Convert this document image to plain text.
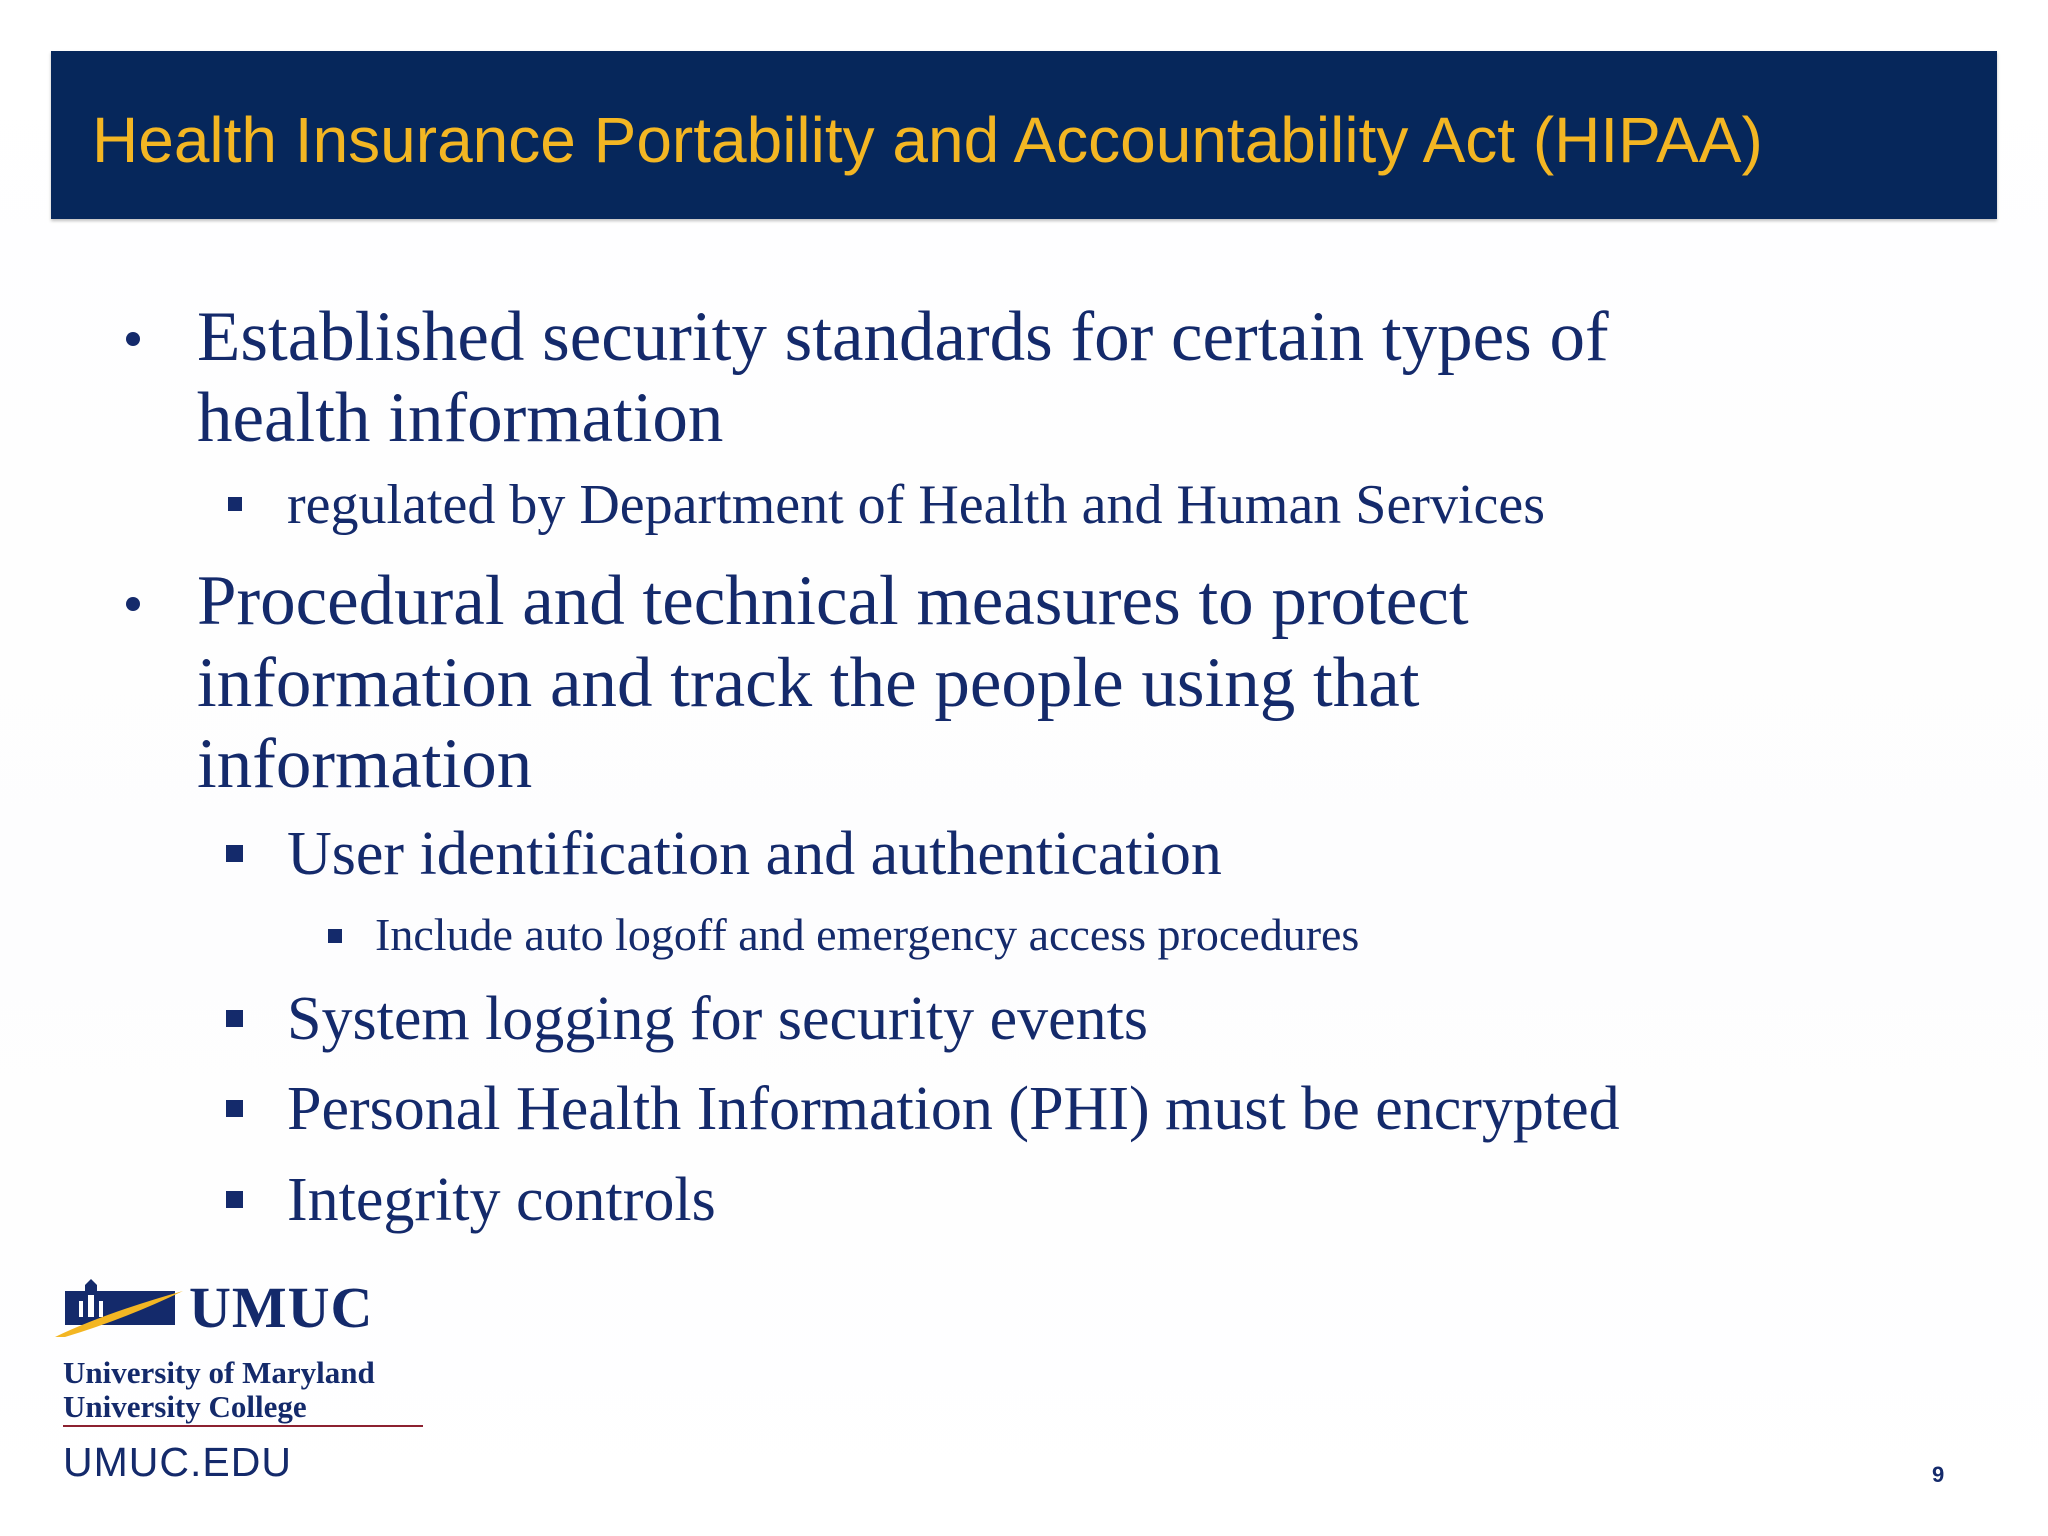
Health Insurance Portability and Accountability Act (HIPAA)
Established security standards for certain types of
health information
regulated by Department of Health and Human Services
Procedural and technical measures to protect
information and track the people using that
information
User identification and authentication
Include auto logoff and emergency access procedures
System logging for security events
Personal Health Information (PHI) must be encrypted
Integrity controls
UMUC
University of Maryland
University College
UMUC.EDU	9
